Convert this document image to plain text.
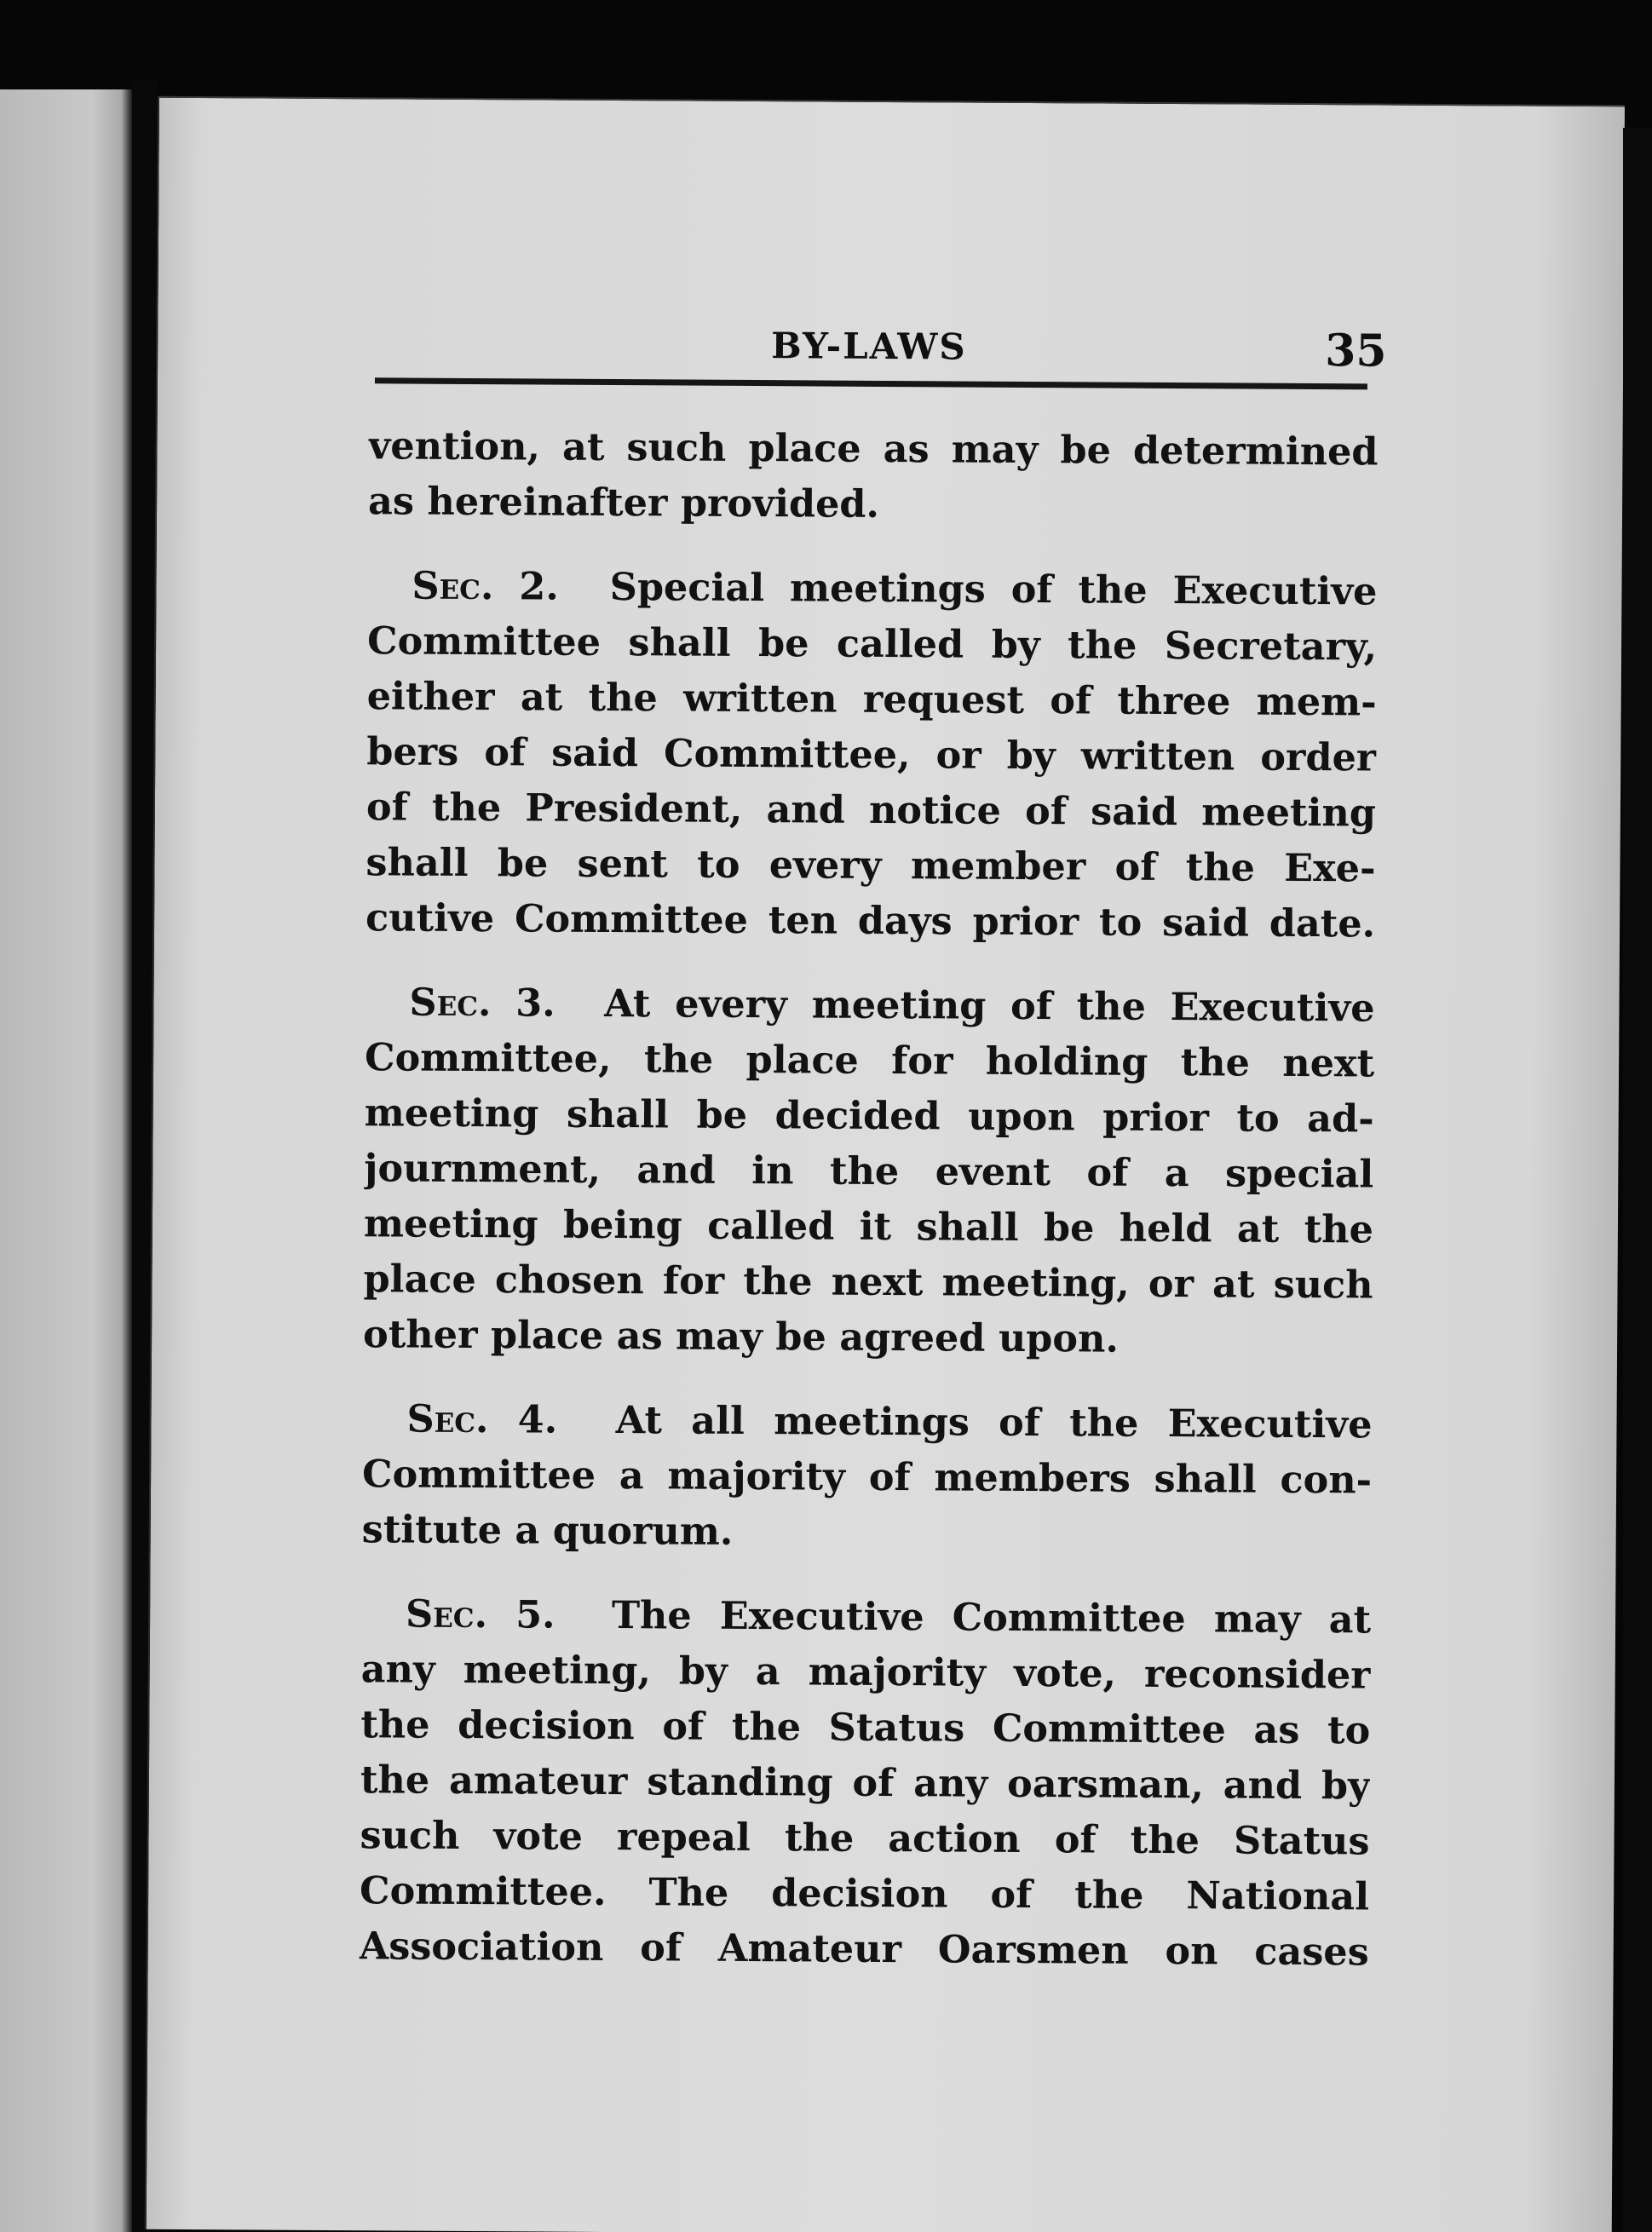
BY-LAWS	35

vention, at such place as may be determined
as hereinafter provided.

Sec. 2. Special meetings of the Executive
Committee shall be called by the Secretary,
either at the written request of three mem-
bers of said Committee, or by written order
of the President, and notice of said meeting
shall be sent to every member of the Exe-
cutive Committee ten days prior to said date.

Sec. 3. At every meeting of the Executive
Committee, the place for holding the next
meeting shall be decided upon prior to ad-
journment, and in the event of a special
meeting being called it shall be held at the
place chosen for the next meeting, or at such
other place as may be agreed upon.

Sec. 4. At all meetings of the Executive
Committee a majority of members shall con-
stitute a quorum.

Sec. 5. The Executive Committee may at
any meeting, by a majority vote, reconsider
the decision of the Status Committee as to
the amateur standing of any oarsman, and by
such vote repeal the action of the Status
Committee. The decision of the National
Association of Amateur Oarsmen on cases
